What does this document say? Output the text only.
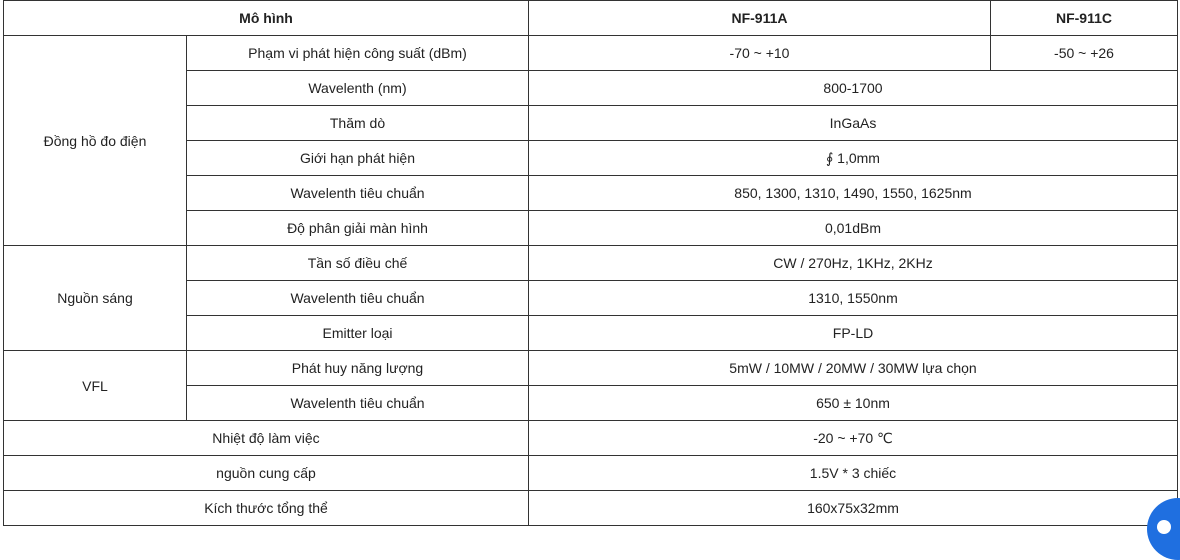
Mô hình		NF-911A	NF-911C
Đồng hồ đo điện	Phạm vi phát hiện công suất (dBm)	-70 ~ +10	-50 ~ +26
	Wavelenth (nm)	800-1700	
	Thăm dò	InGaAs	
	Giới hạn phát hiện	∮ 1,0mm	
	Wavelenth tiêu chuẩn	850, 1300, 1310, 1490, 1550, 1625nm	
	Độ phân giải màn hình	0,01dBm	
Nguồn sáng	Tần số điều chế	CW / 270Hz, 1KHz, 2KHz	
	Wavelenth tiêu chuẩn	1310, 1550nm	
	Emitter loại	FP-LD	
VFL	Phát huy năng lượng	5mW / 10MW / 20MW / 30MW lựa chọn	
	Wavelenth tiêu chuẩn	650 ± 10nm	
Nhiệt độ làm việc		-20 ~ +70 ℃	
nguồn cung cấp		1.5V * 3 chiếc	
Kích thước tổng thể		160x75x32mm	
